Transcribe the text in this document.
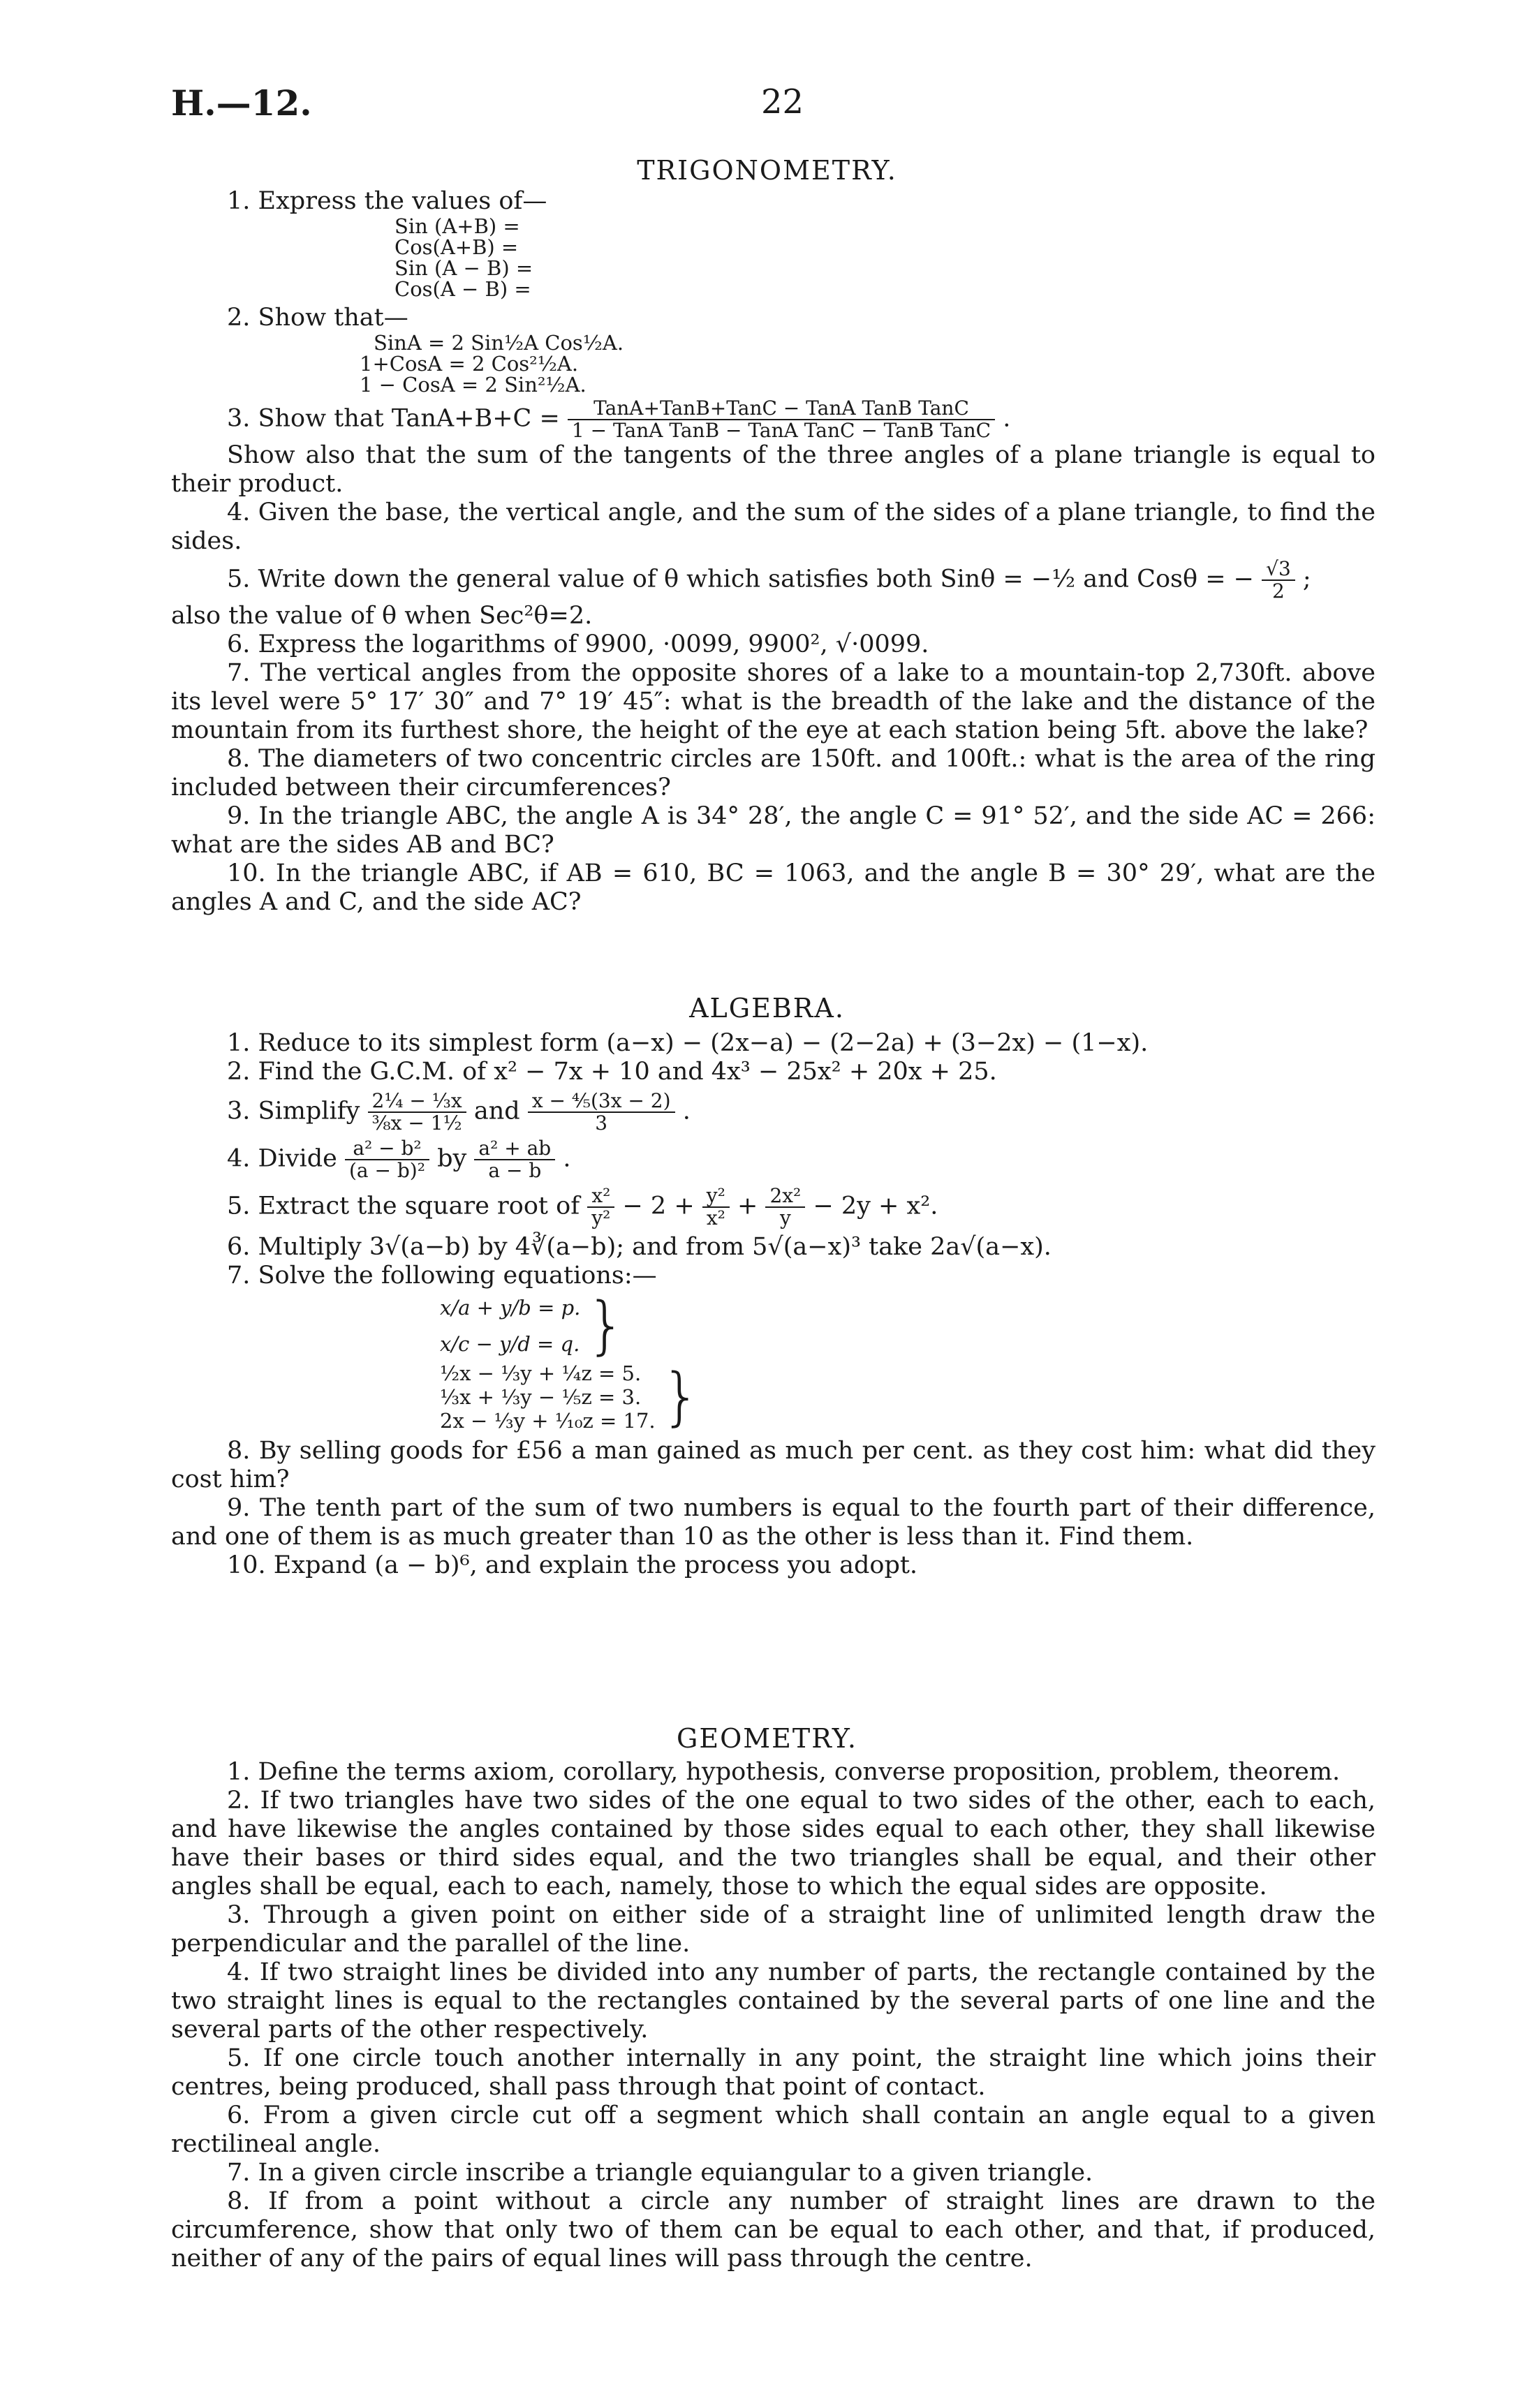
H.—12.	22
TRIGONOMETRY.

1. Express the values of—

Sin (A+B) =
Cos(A+B) =
Sin (A − B) =
Cos(A − B) =

2. Show that—

SinA = 2 Sin½A Cos½A.
1+CosA = 2 Cos²½A.
1 − CosA = 2 Sin²½A.

3. Show that TanA+B+C = $\frac{\text{TanA+TanB+TanC − TanA TanB TanC}}{\text{1 − TanA TanB − TanA TanC − TanB TanC}}$ .

Show also that the sum of the tangents of the three angles of a plane triangle is equal to their product.

4. Given the base, the vertical angle, and the sum of the sides of a plane triangle, to find the sides.

5. Write down the general value of θ which satisfies both Sinθ = −½ and Cosθ = − $\frac{√3}{2}$ ;

also the value of θ when Sec²θ=2.

6. Express the logarithms of 9900, ·0099, 9900², √·0099.

7. The vertical angles from the opposite shores of a lake to a mountain-top 2,730ft. above its level were 5° 17′ 30″ and 7° 19′ 45″: what is the breadth of the lake and the distance of the mountain from its furthest shore, the height of the eye at each station being 5ft. above the lake?

8. The diameters of two concentric circles are 150ft. and 100ft.: what is the area of the ring included between their circumferences?

9. In the triangle ABC, the angle A is 34° 28′, the angle C = 91° 52′, and the side AC = 266: what are the sides AB and BC?

10. In the triangle ABC, if AB = 610, BC = 1063, and the angle B = 30° 29′, what are the angles A and C, and the side AC?

ALGEBRA.

1. Reduce to its simplest form (a−x) − (2x−a) − (2−2a) + (3−2x) − (1−x).

2. Find the G.C.M. of x² − 7x + 10 and 4x³ − 25x² + 20x + 25.

3. Simplify $\frac{\text{2¼ − ⅓x}}{\text{⅜x − 1½}}$ and $\frac{\text{x − ⅘(3x − 2)}}{3}$ .

4. Divide $\frac{\text{a² − b²}}{\text{(a − b)²}}$ by $\frac{\text{a² + ab}}{a - b}$ .

5. Extract the square root of $\frac{\text{x²}}{\text{y²}} - 2 + \frac{\text{y²}}{\text{x²}} + \frac{\text{2x²}}{y} - 2y + x^2$.

6. Multiply 3√(a−b) by 4∛(a−b); and from 5√(a−x)³ take 2a√(a−x).

7. Solve the following equations:—

x/a + y/b = p.
x/c − y/d = q. }
½x − ⅓y + ¼z = 5.
⅓x + ⅓y − ⅕z = 3.
2x − ⅓y + ⅟₁₀z = 17. }

8. By selling goods for £56 a man gained as much per cent. as they cost him: what did they cost him?

9. The tenth part of the sum of two numbers is equal to the fourth part of their difference, and one of them is as much greater than 10 as the other is less than it. Find them.

10. Expand (a − b)⁶, and explain the process you adopt.

GEOMETRY.

1. Define the terms axiom, corollary, hypothesis, converse proposition, problem, theorem.

2. If two triangles have two sides of the one equal to two sides of the other, each to each, and have likewise the angles contained by those sides equal to each other, they shall likewise have their bases or third sides equal, and the two triangles shall be equal, and their other angles shall be equal, each to each, namely, those to which the equal sides are opposite.

3. Through a given point on either side of a straight line of unlimited length draw the perpendicular and the parallel of the line.

4. If two straight lines be divided into any number of parts, the rectangle contained by the two straight lines is equal to the rectangles contained by the several parts of one line and the several parts of the other respectively.

5. If one circle touch another internally in any point, the straight line which joins their centres, being produced, shall pass through that point of contact.

6. From a given circle cut off a segment which shall contain an angle equal to a given rectilineal angle.

7. In a given circle inscribe a triangle equiangular to a given triangle.

8. If from a point without a circle any number of straight lines are drawn to the circumference, show that only two of them can be equal to each other, and that, if produced, neither of any of the pairs of equal lines will pass through the centre.
